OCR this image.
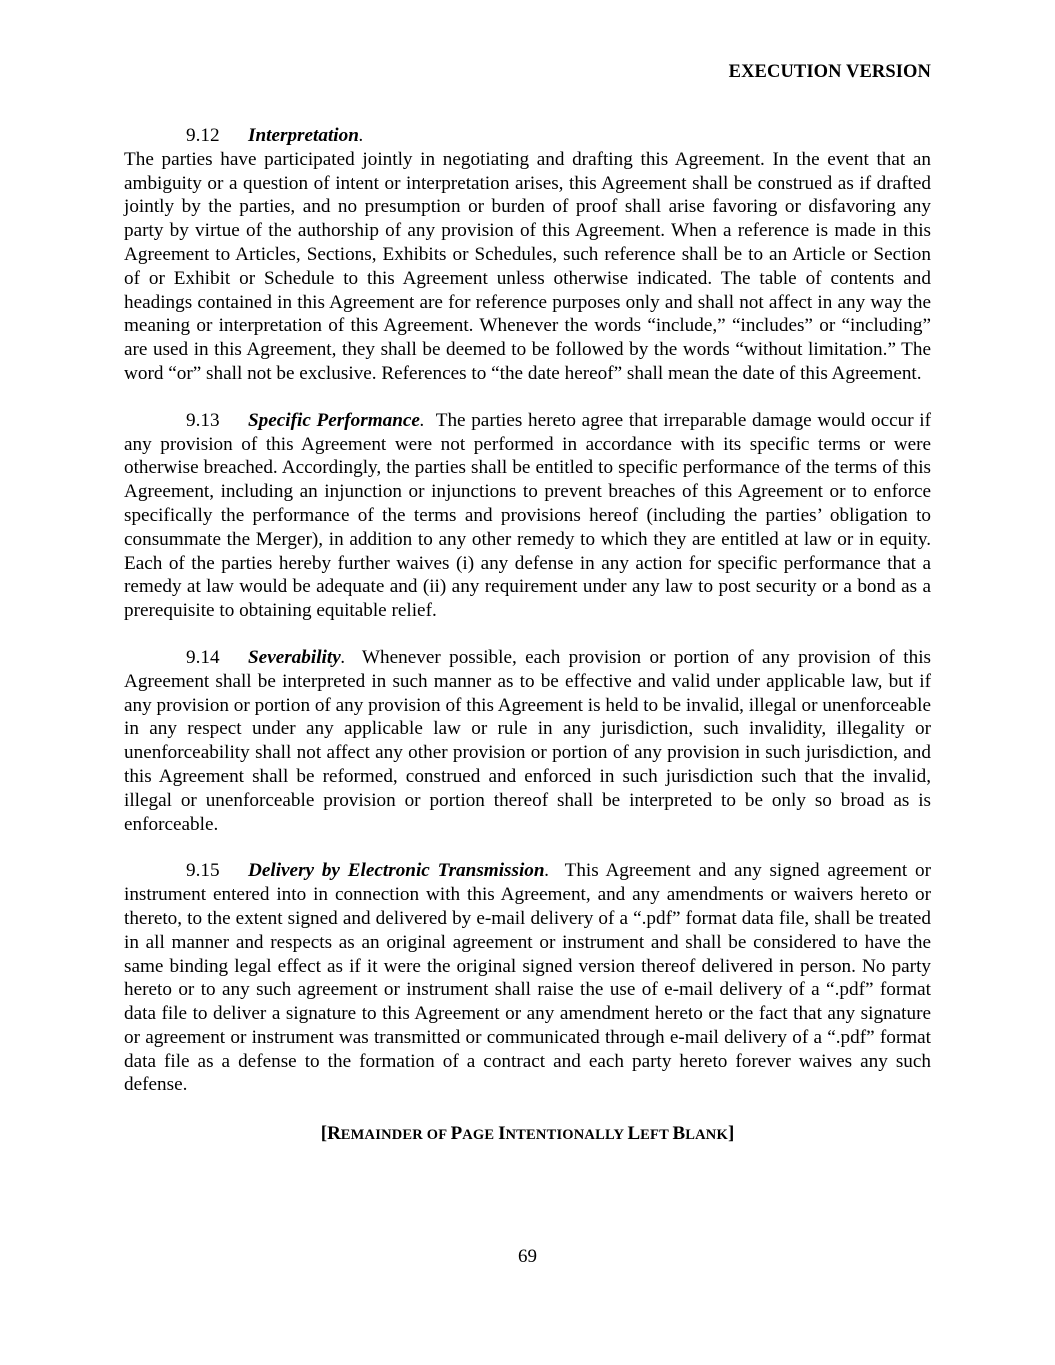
EXECUTION VERSION
9.12 Interpretation.
The parties have participated jointly in negotiating and drafting this Agreement. In the event that an ambiguity or a question of intent or interpretation arises, this Agreement shall be construed as if drafted jointly by the parties, and no presumption or burden of proof shall arise favoring or disfavoring any party by virtue of the authorship of any provision of this Agreement. When a reference is made in this Agreement to Articles, Sections, Exhibits or Schedules, such reference shall be to an Article or Section of or Exhibit or Schedule to this Agreement unless otherwise indicated. The table of contents and headings contained in this Agreement are for reference purposes only and shall not affect in any way the meaning or interpretation of this Agreement. Whenever the words “include,” “includes” or “including” are used in this Agreement, they shall be deemed to be followed by the words “without limitation.” The word “or” shall not be exclusive. References to “the date hereof” shall mean the date of this Agreement.
9.13 Specific Performance. The parties hereto agree that irreparable damage would occur if any provision of this Agreement were not performed in accordance with its specific terms or were otherwise breached. Accordingly, the parties shall be entitled to specific performance of the terms of this Agreement, including an injunction or injunctions to prevent breaches of this Agreement or to enforce specifically the performance of the terms and provisions hereof (including the parties’ obligation to consummate the Merger), in addition to any other remedy to which they are entitled at law or in equity. Each of the parties hereby further waives (i) any defense in any action for specific performance that a remedy at law would be adequate and (ii) any requirement under any law to post security or a bond as a prerequisite to obtaining equitable relief.
9.14 Severability. Whenever possible, each provision or portion of any provision of this Agreement shall be interpreted in such manner as to be effective and valid under applicable law, but if any provision or portion of any provision of this Agreement is held to be invalid, illegal or unenforceable in any respect under any applicable law or rule in any jurisdiction, such invalidity, illegality or unenforceability shall not affect any other provision or portion of any provision in such jurisdiction, and this Agreement shall be reformed, construed and enforced in such jurisdiction such that the invalid, illegal or unenforceable provision or portion thereof shall be interpreted to be only so broad as is enforceable.
9.15 Delivery by Electronic Transmission. This Agreement and any signed agreement or instrument entered into in connection with this Agreement, and any amendments or waivers hereto or thereto, to the extent signed and delivered by e-mail delivery of a “.pdf” format data file, shall be treated in all manner and respects as an original agreement or instrument and shall be considered to have the same binding legal effect as if it were the original signed version thereof delivered in person. No party hereto or to any such agreement or instrument shall raise the use of e-mail delivery of a “.pdf” format data file to deliver a signature to this Agreement or any amendment hereto or the fact that any signature or agreement or instrument was transmitted or communicated through e-mail delivery of a “.pdf” format data file as a defense to the formation of a contract and each party hereto forever waives any such defense.
[REMAINDER OF PAGE INTENTIONALLY LEFT BLANK]
69
